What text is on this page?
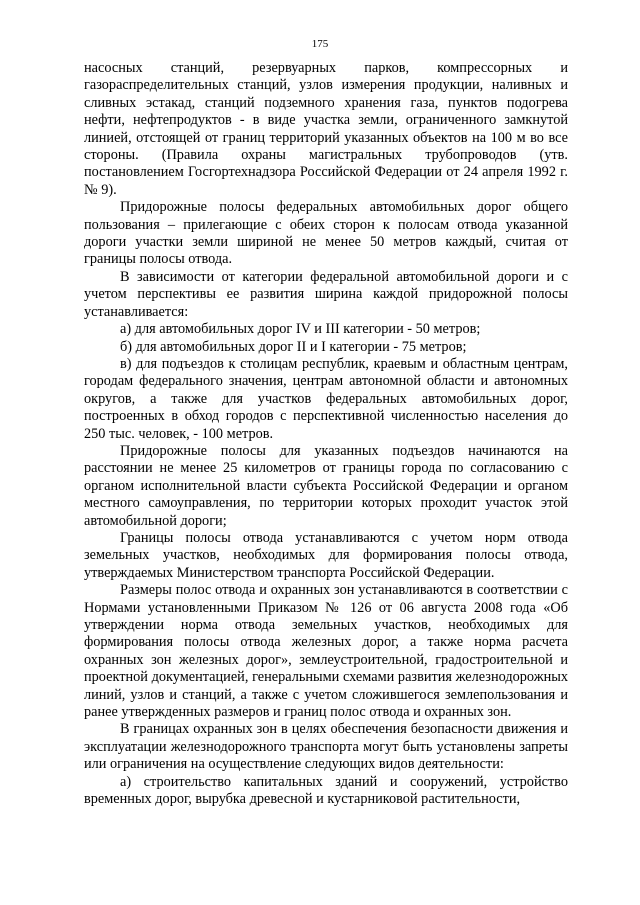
175

насосных станций, резервуарных парков, компрессорных и газораспределительных станций, узлов измерения продукции, наливных и сливных эстакад, станций подземного хранения газа, пунктов подогрева нефти, нефтепродуктов - в виде участка земли, ограниченного замкнутой линией, отстоящей от границ территорий указанных объектов на 100 м во все стороны. (Правила охраны магистральных трубопроводов (утв. постановлением Госгортехнадзора Российской Федерации от 24 апреля 1992 г. № 9).

Придорожные полосы федеральных автомобильных дорог общего пользования – прилегающие с обеих сторон к полосам отвода указанной дороги участки земли шириной не менее 50 метров каждый, считая от границы полосы отвода.

В зависимости от категории федеральной автомобильной дороги и с учетом перспективы ее развития ширина каждой придорожной полосы устанавливается:

а) для автомобильных дорог IV и III категории - 50 метров;

б) для автомобильных дорог II и I категории - 75 метров;

в) для подъездов к столицам республик, краевым и областным центрам, городам федерального значения, центрам автономной области и автономных округов, а также для участков федеральных автомобильных дорог, построенных в обход городов с перспективной численностью населения до 250 тыс. человек, - 100 метров.

Придорожные полосы для указанных подъездов начинаются на расстоянии не менее 25 километров от границы города по согласованию с органом исполнительной власти субъекта Российской Федерации и органом местного самоуправления, по территории которых проходит участок этой автомобильной дороги;

Границы полосы отвода устанавливаются с учетом норм отвода земельных участков, необходимых для формирования полосы отвода, утверждаемых Министерством транспорта Российской Федерации.

Размеры полос отвода и охранных зон устанавливаются в соответствии с Нормами установленными Приказом № 126 от 06 августа 2008 года «Об утверждении норма отвода земельных участков, необходимых для формирования полосы отвода железных дорог, а также норма расчета охранных зон железных дорог», землеустроительной, градостроительной и проектной документацией, генеральными схемами развития железнодорожных линий, узлов и станций, а также с учетом сложившегося землепользования и ранее утвержденных размеров и границ полос отвода и охранных зон.

В границах охранных зон в целях обеспечения безопасности движения и эксплуатации железнодорожного транспорта могут быть установлены запреты или ограничения на осуществление следующих видов деятельности:

а) строительство капитальных зданий и сооружений, устройство временных дорог, вырубка древесной и кустарниковой растительности,
